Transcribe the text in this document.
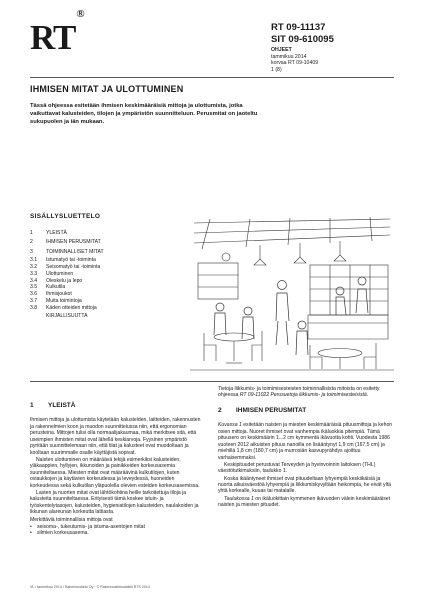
RT®
RT 09-11137
SIT 09-610095
OHJEET
tammikuu 2014
korvaa RT 09-10409
1 (8)
IHMISEN MITAT JA ULOTTUMINEN
Tässä ohjeessa esitetään ihmisen keskimääräisiä mittoja ja ulottumista, jotka vaikuttavat kalusteiden, tilojen ja ympäristön suunnitteluun. Perusmitat on jaoteltu sukupuolen ja iän mukaan.
SISÄLLYSLUETTELO
1	YLEISTÄ
2	IHMISEN PERUSMITAT
3	TOIMINNALLISET MITAT
3.1	Istumatyö tai -toiminta
3.2	Seisomatyö tai -toiminta
3.3	Ulottuminen
3.4	Oleskelu ja lepo
3.5	Kulkutila
3.6	Ihmisjoukot
3.7	Muita toimintoja
3.8	Käden otteiden mittoja
KIRJALLISUUTTA
1	YLEISTÄ

Ihmisen mittoja ja ulottumista käytetään kalusteiden, laitteiden, rakennusten ja rakennelmien koon ja muodon suunnittelussa niin, että ergonomian perusteina. Mittojen tulisi olla normaalijakaumaa, mikä merkitsee sitä, että useimpien ihmisten mitat ovat lähellä keskiarvoja. Fyysinen ympäristö pyritään suunnittelemaan niin, että tilat ja kalusteet ovat muodoltaan ja kooltaan suurimmalle osalle käyttäjistä sopivat.

Naisten ulottuminen on määräävä tekijä esimerkiksi kalusteiden, yläkaappien, hyllyjen, ikkunoiden ja painikkeiden korkeusasemia suunniteltaessa. Miesten mitat ovat määräävinä kulkutilojen, kuten oviaukkojen ja käytävien korkeudessa ja leveydessä, huoneiden korkeudessa sekä kulkutilan yläpuolella olevien esteiden korkeusasemissa.

Lasten ja nuorten mitat ovat lähtökohtina heille tarkoitettuja tiloja ja kalusteita suunniteltaessa. Erityisesti tämä koskee istuin- ja työskentelytasojen, kalusteiden, hygieniatilojen kalusteiden, naulakoiden ja ikkunan alareunan korkeutta lattiasta.

Merkittäviä toiminnallisia mittoja ovat

•	seisoma-, tukeutumis- ja istuma-asentojen mitat
•	silmien korkeusasema.

Tietoja liikkumis- ja toimimisesteisten toiminnallisista mitoista on esitetty ohjeessa RT 09-11022 Perusuetoja liikkumis- ja toimimisesteisistä.

2	IHMISEN PERUSMITAT

Kuvassa 1 esitetään naisten ja miesten keskimääräisiä pituusmittoja ja kehon osien mittoja. Nuoret ihmiset ovat vanhempia ikäluokkia pitempiä. Tämä pituusero on keskimäärin 1...2 cm kymmentä ikävuotta kohti. Vuodesta 1986 vuoteen 2012 aikuisten pituus nanoilla on lisääntynyt 1,9 cm (167,5 cm) ja miehillä 1,8 cm (180,7 cm) ja murrosiän kasvupyrähdys ajoittuu varhaisemmaksi.

Keskipituudet perustuvat Terveyden ja hyvinvoinnin laitoksen (THL) väestötutkimuksiin, taulukko 1.

Koska ikääntyneet ihmiset ovat pituudeltaan lyhyempiä keskiikäisiä ja nuorta aikuisväestöä lyhyempiä ja liikkumiskyvyltään heikompia, he eivät yltä yhtä korkealle, kuuas tai matalalle.

Taulukossa 1 on ikäluokittain kymmenen ikävuoden välein keskimääräiset naisten ja miesten pituudet.

VL / tammikuu 2014 / Rakennustieto Oy · © Rakennustietosäätiö RTS 2014
